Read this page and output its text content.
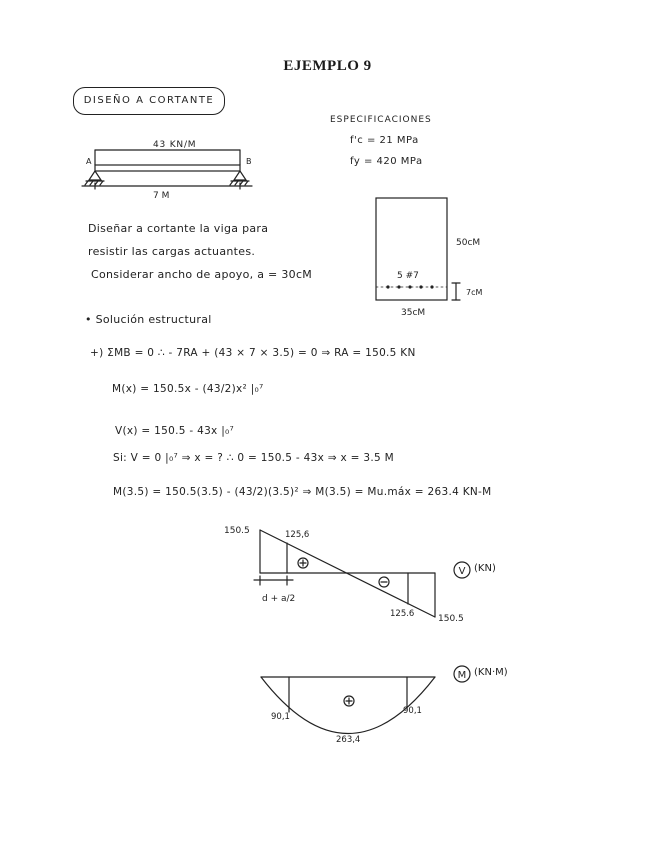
EJEMPLO 9
DISEÑO A CORTANTE
43 KN/M
A	B
7 M
ESPECIFICACIONES
f'c = 21 MPa
fy = 420 MPa
50cM
5 #7
7cM
35cM
Diseñar a cortante la viga para
resistir las cargas actuantes.
Considerar ancho de apoyo, a = 30cM
• Solución estructural
+) ΣMB = 0 ∴ - 7RA + (43 × 7 × 3.5) = 0 ⇒ RA = 150.5 KN
M(x) = 150.5x - (43/2)x² |₀⁷
V(x) = 150.5 - 43x |₀⁷
Si: V = 0 |₀⁷ ⇒ x = ? ∴ 0 = 150.5 - 43x ⇒ x = 3.5 M
M(3.5) = 150.5(3.5) - (43/2)(3.5)² ⇒ M(3.5) = Mu.máx = 263.4 KN-M
150.5	125,6
125.6	150.5
d + a/2
(KN)
90,1
90,1
263,4
(KN·M)
V
M
